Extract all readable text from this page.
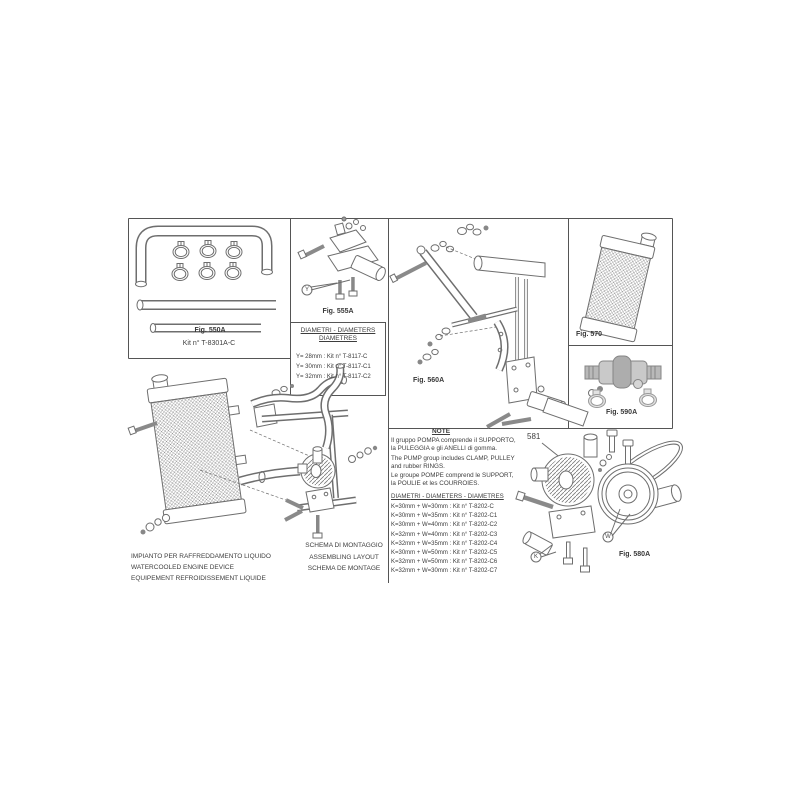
Fig. 550A
Kit n° T-8301A-C
Fig. 555A
DIAMETRI - DIAMETERS
DIAMETRES
Y= 28mm : Kit n° T-8117-C
Y= 30mm : Kit n° T-8117-C1
Y= 32mm : Kit n° T-8117-C2
Y
Fig. 560A
Fig. 570
Fig. 590A
581
Fig. 580A
K
W
NOTE
Il gruppo POMPA comprende il SUPPORTO,
la PULEGGIA e gli ANELLI di gomma.
The PUMP group includes CLAMP, PULLEY
and rubber RINGS.
Le groupe POMPE comprend le SUPPORT,
la POULIE et les COURROIES.
DIAMETRI - DIAMETERS - DIAMETRES
K=30mm + W=30mm : Kit n° T-8202-C
K=30mm + W=35mm : Kit n° T-8202-C1
K=30mm + W=40mm : Kit n° T-8202-C2
K=32mm + W=40mm : Kit n° T-8202-C3
K=32mm + W=35mm : Kit n° T-8202-C4
K=30mm + W=50mm : Kit n° T-8202-C5
K=32mm + W=50mm : Kit n° T-8202-C6
K=32mm + W=30mm : Kit n° T-8202-C7
IMPIANTO PER RAFFREDDAMENTO LIQUIDO
WATERCOOLED ENGINE DEVICE
EQUIPEMENT REFROIDISSEMENT LIQUIDE
SCHEMA DI MONTAGGIO
ASSEMBLING LAYOUT
SCHEMA DE MONTAGE
